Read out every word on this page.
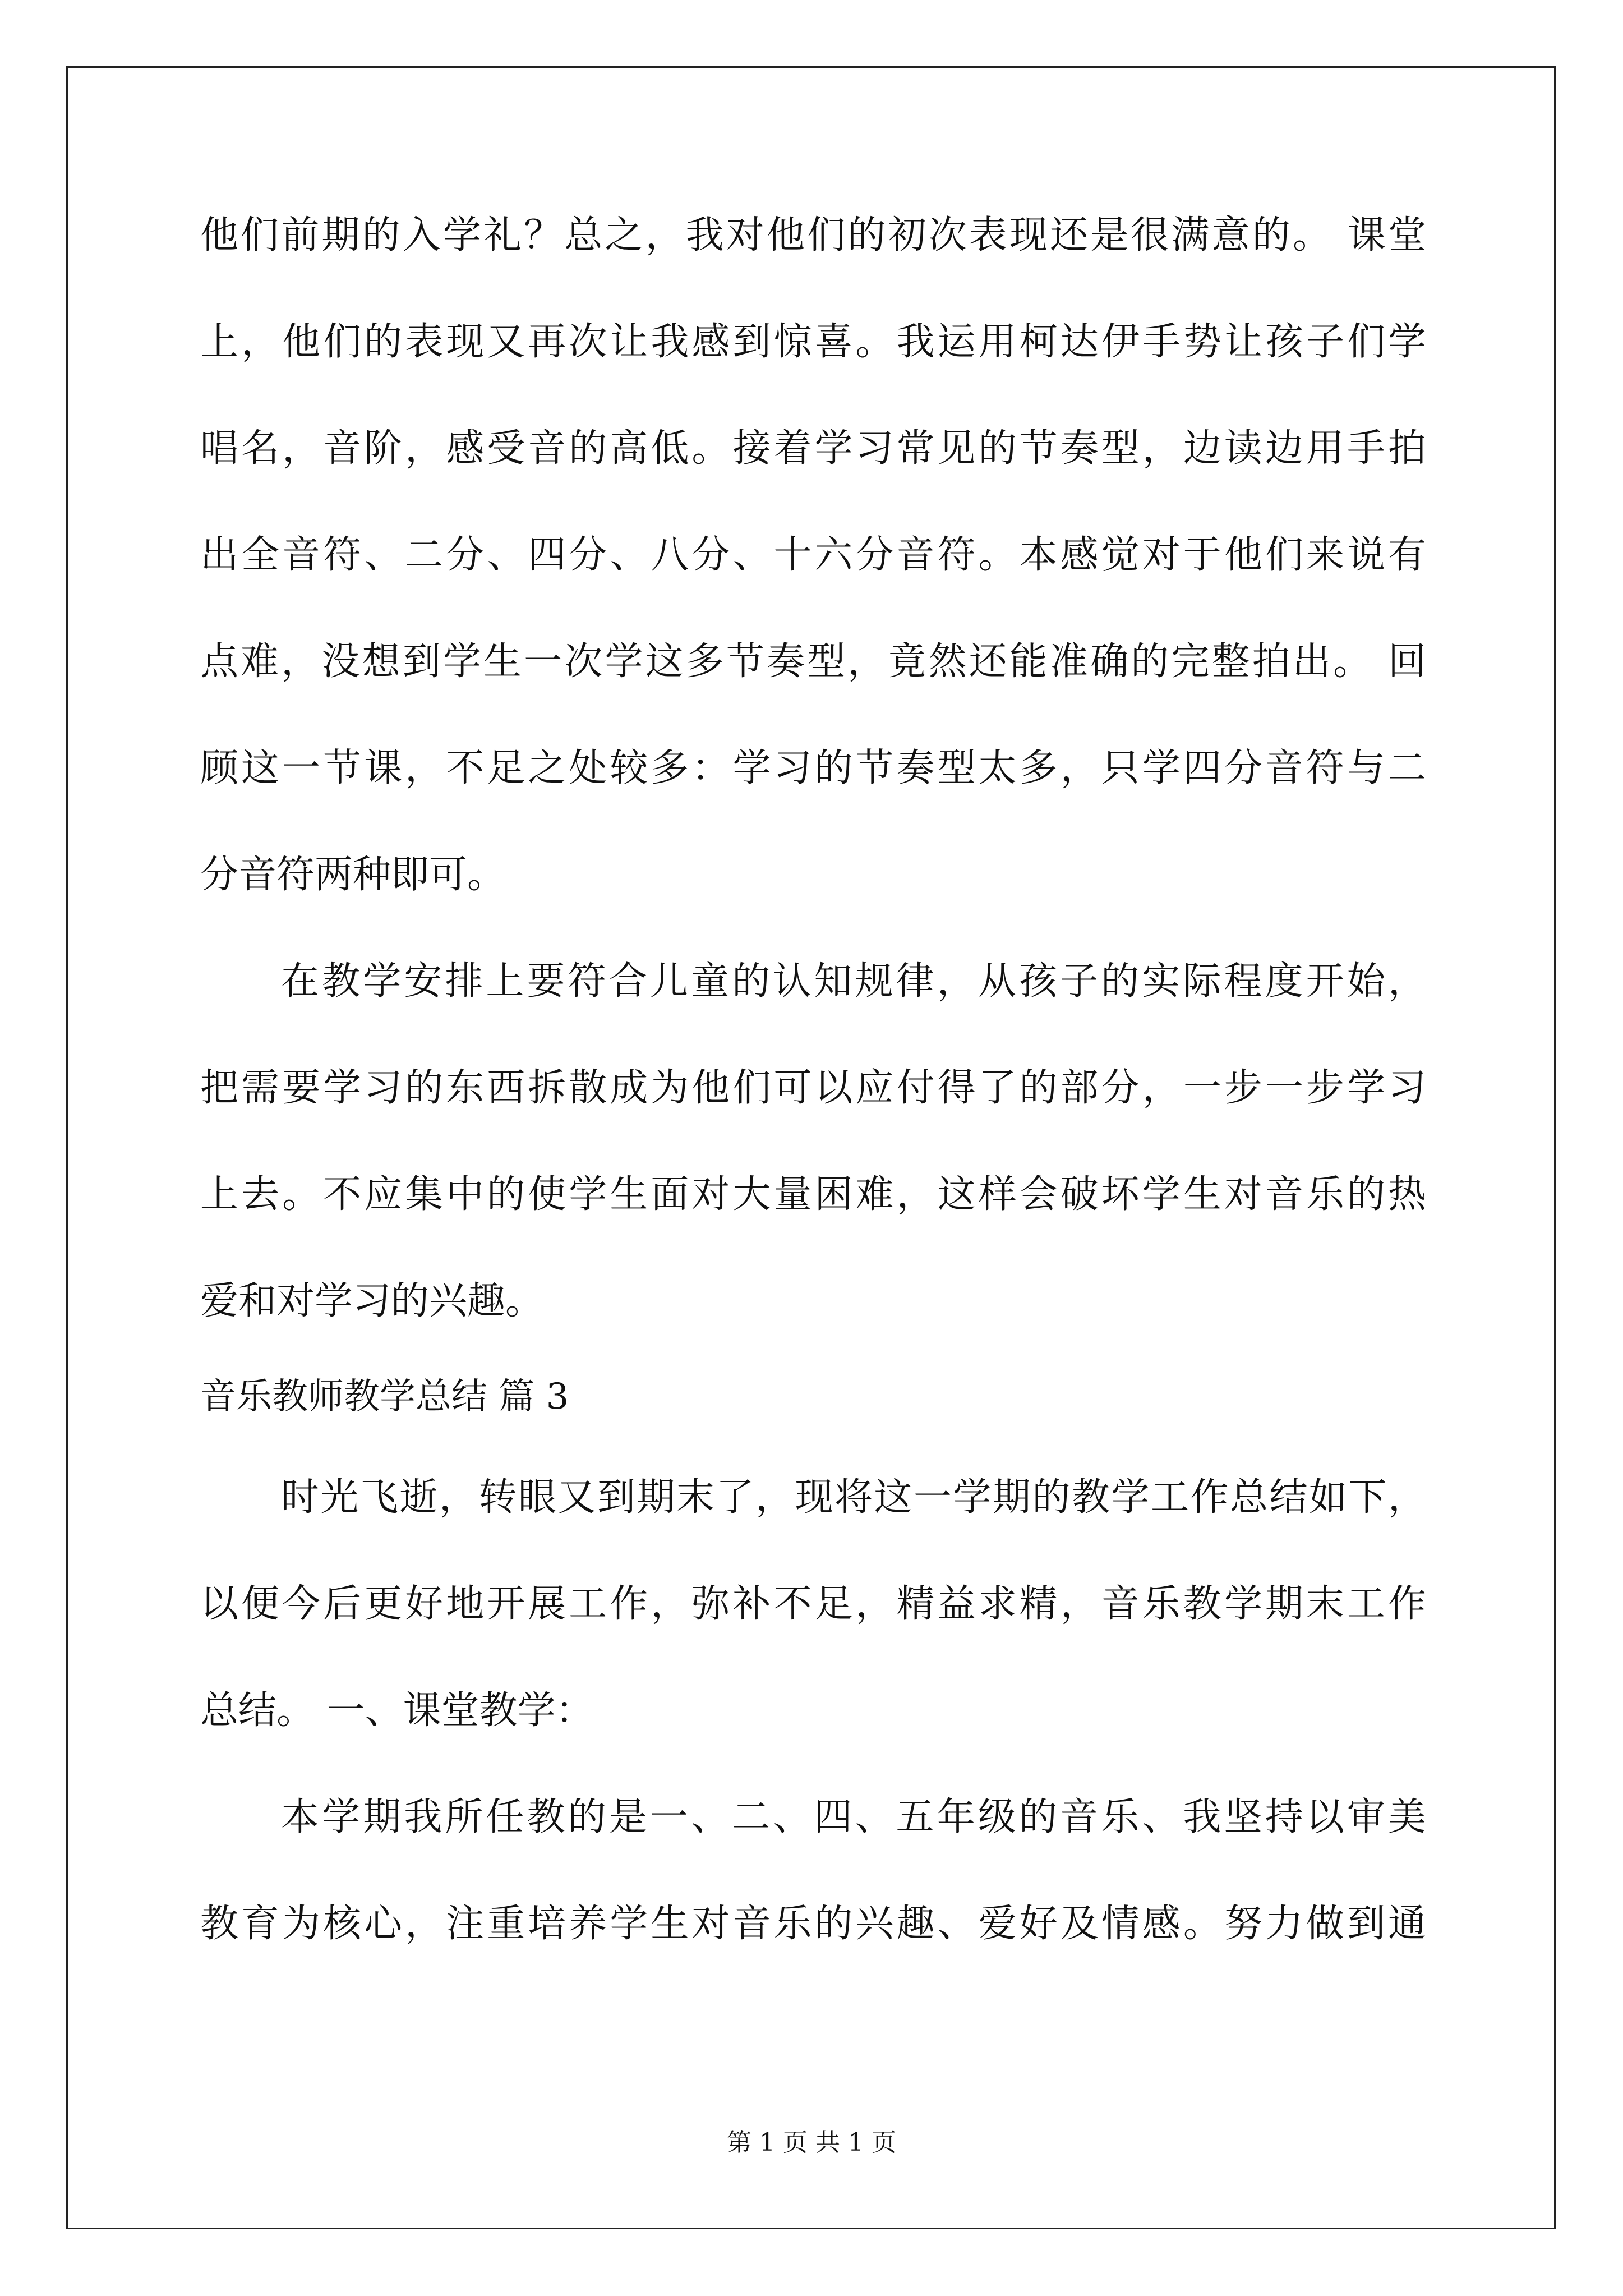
他们前期的入学礼？总之，我对他们的初次表现还是很满意的。 课堂
上，他们的表现又再次让我感到惊喜。我运用柯达伊手势让孩子们学
唱名，音阶，感受音的高低。接着学习常见的节奏型，边读边用手拍
出全音符、二分、四分、八分、十六分音符。本感觉对于他们来说有
点难，没想到学生一次学这多节奏型，竟然还能准确的完整拍出。 回
顾这一节课，不足之处较多：学习的节奏型太多，只学四分音符与二
分音符两种即可。
在教学安排上要符合儿童的认知规律，从孩子的实际程度开始，
把需要学习的东西拆散成为他们可以应付得了的部分，一步一步学习
上去。不应集中的使学生面对大量困难，这样会破坏学生对音乐的热
爱和对学习的兴趣。
音乐教师教学总结 篇 3
时光飞逝，转眼又到期末了，现将这一学期的教学工作总结如下，
以便今后更好地开展工作，弥补不足，精益求精，音乐教学期末工作
总结。 一、课堂教学：
本学期我所任教的是一、二、四、五年级的音乐、我坚持以审美
教育为核心，注重培养学生对音乐的兴趣、爱好及情感。努力做到通
第 1 页 共 1 页
